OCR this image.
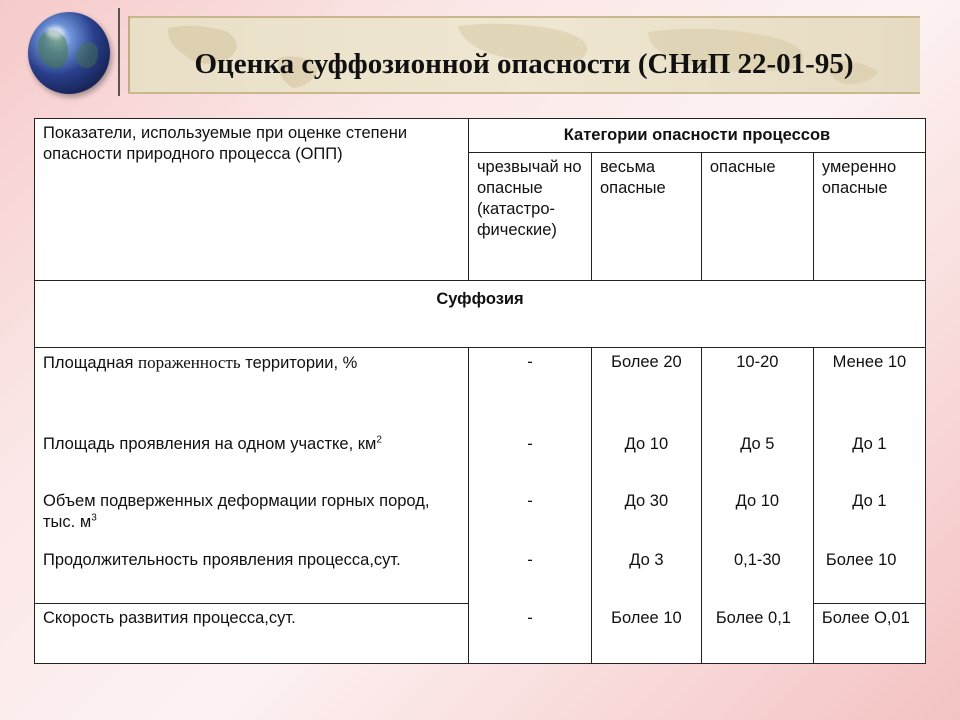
Оценка суффозионной опасности (СНиП 22-01-95)
Показатели, используемые при оценке степени опасности природного процесса (ОПП)	Категории опасности процессов			
	чрезвычай но опасные (катастро-фические)	весьма опасные	опасные	умеренно опасные
Суффозия				
Площадная пораженность территории, %	-	Более 20	10-20	Менее 10
Площадь проявления на одном участке, $км^2$	-	До 10	До 5	До 1
Объем подверженных деформации горных пород, тыс. $м^3$	-	До 30	До 10	До 1
Продолжительность проявления процесса,сут.	-	До 3	0,1-30	Более 10
Скорость развития процесса,сут.	-	Более 10	Более 0,1	Более О,01
